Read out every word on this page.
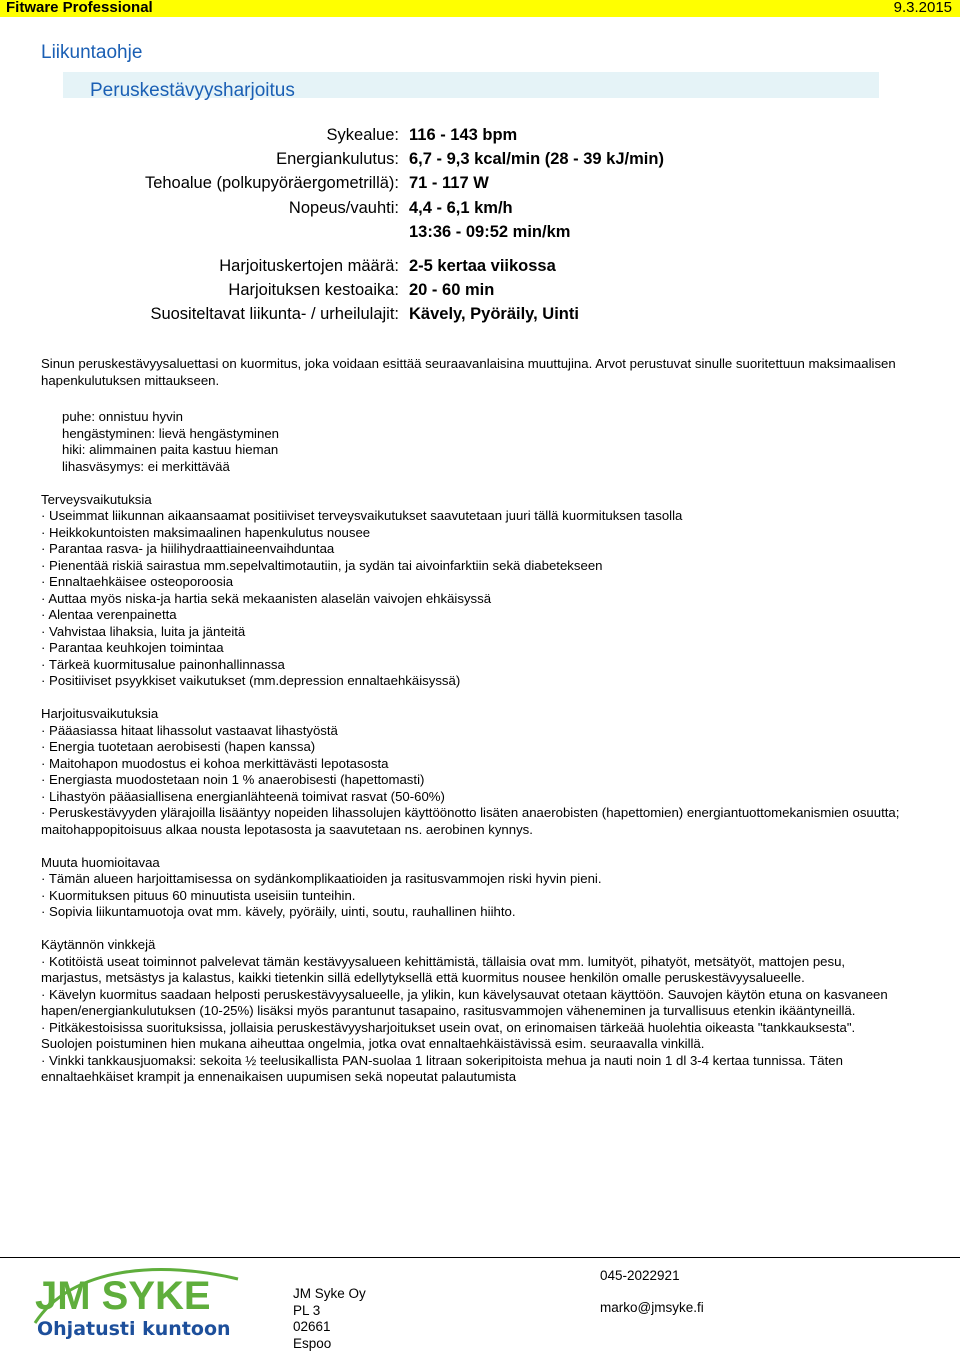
Fitware Professional	9.3.2015
Liikuntaohje
Peruskestävyysharjoitus
Sykealue: 116 - 143 bpm
Energiankulutus: 6,7 - 9,3 kcal/min (28 - 39 kJ/min)
Tehoalue (polkupyöräergometrillä): 71 - 117 W
Nopeus/vauhti: 4,4 - 6,1 km/h
13:36 - 09:52 min/km
Harjoituskertojen määrä: 2-5 kertaa viikossa
Harjoituksen kestoaika: 20 - 60 min
Suositeltavat liikunta- / urheilulajit: Kävely, Pyöräily, Uinti

Sinun peruskestävyysaluettasi on kuormitus, joka voidaan esittää seuraavanlaisina muuttujina. Arvot perustuvat sinulle suoritettuun maksimaalisen hapenkulutuksen mittaukseen.

puhe: onnistuu hyvin

hengästyminen: lievä hengästyminen

hiki: alimmainen paita kastuu hieman

lihasväsymys: ei merkittävää

Terveysvaikutuksia

· Useimmat liikunnan aikaansaamat positiiviset terveysvaikutukset saavutetaan juuri tällä kuormituksen tasolla

· Heikkokuntoisten maksimaalinen hapenkulutus nousee

· Parantaa rasva- ja hiilihydraattiaineenvaihduntaa

· Pienentää riskiä sairastua mm.sepelvaltimotautiin, ja sydän tai aivoinfarktiin sekä diabetekseen

· Ennaltaehkäisee osteoporoosia

· Auttaa myös niska-ja hartia sekä mekaanisten alaselän vaivojen ehkäisyssä

· Alentaa verenpainetta

· Vahvistaa lihaksia, luita ja jänteitä

· Parantaa keuhkojen toimintaa

· Tärkeä kuormitusalue painonhallinnassa

· Positiiviset psyykkiset vaikutukset (mm.depression ennaltaehkäisyssä)

Harjoitusvaikutuksia

· Pääasiassa hitaat lihassolut vastaavat lihastyöstä

· Energia tuotetaan aerobisesti (hapen kanssa)

· Maitohapon muodostus ei kohoa merkittävästi lepotasosta

· Energiasta muodostetaan noin 1 % anaerobisesti (hapettomasti)

· Lihastyön pääasiallisena energianlähteenä toimivat rasvat (50-60%)

· Peruskestävyyden ylärajoilla lisääntyy nopeiden lihassolujen käyttöönotto lisäten anaerobisten (hapettomien) energiantuottomekanismien osuutta; maitohappopitoisuus alkaa nousta lepotasosta ja saavutetaan ns. aerobinen kynnys.

Muuta huomioitavaa

· Tämän alueen harjoittamisessa on sydänkomplikaatioiden ja rasitusvammojen riski hyvin pieni.

· Kuormituksen pituus 60 minuutista useisiin tunteihin.

· Sopivia liikuntamuotoja ovat mm. kävely, pyöräily, uinti, soutu, rauhallinen hiihto.

Käytännön vinkkejä

· Kotitöistä useat toiminnot palvelevat tämän kestävyysalueen kehittämistä, tällaisia ovat mm. lumityöt, pihatyöt, metsätyöt, mattojen pesu, marjastus, metsästys ja kalastus, kaikki tietenkin sillä edellytyksellä että kuormitus nousee henkilön omalle peruskestävyysalueelle.

· Kävelyn kuormitus saadaan helposti peruskestävyysalueelle, ja ylikin, kun kävelysauvat otetaan käyttöön. Sauvojen käytön etuna on kasvaneen hapen/energiankulutuksen (10-25%) lisäksi myös parantunut tasapaino, rasitusvammojen väheneminen ja turvallisuus etenkin ikääntyneillä.

· Pitkäkestoisissa suorituksissa, jollaisia peruskestävyysharjoitukset usein ovat, on erinomaisen tärkeää huolehtia oikeasta "tankkauksesta". Suolojen poistuminen hien mukana aiheuttaa ongelmia, jotka ovat ennaltaehkäistävissä esim. seuraavalla vinkillä.

· Vinkki tankkausjuomaksi: sekoita ½ teelusikallista PAN-suolaa 1 litraan sokeripitoista mehua ja nauti noin 1 dl 3-4 kertaa tunnissa. Täten ennaltaehkäiset krampit ja ennenaikaisen uupumisen sekä nopeutat palautumista

JM SYKE
Ohjatusti kuntoon
JM Syke Oy
PL 3
02661
Espoo
045-2022921
marko@jmsyke.fi
